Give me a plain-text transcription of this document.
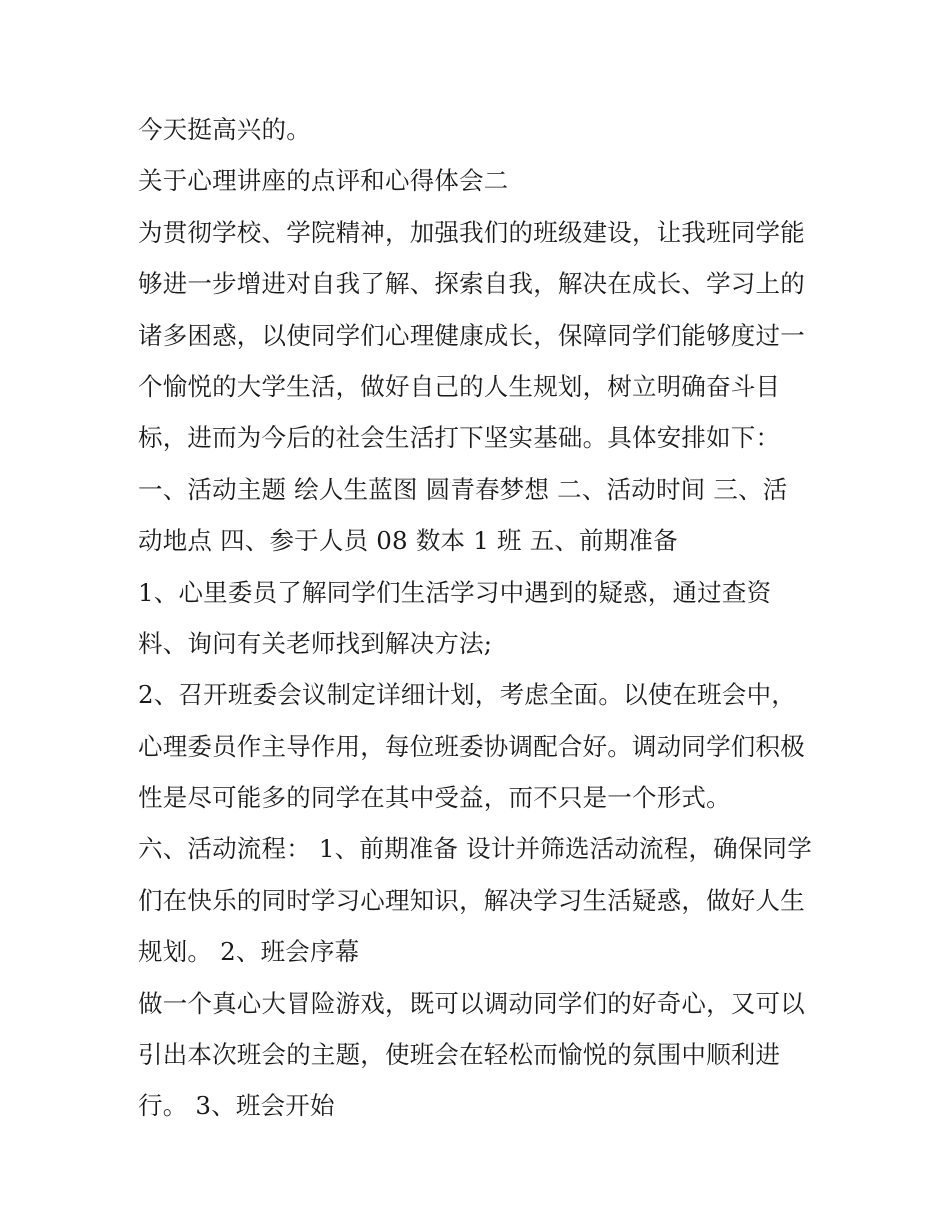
今天挺高兴的。
关于心理讲座的点评和心得体会二
为贯彻学校、学院精神，加强我们的班级建设，让我班同学能
够进一步增进对自我了解、探索自我，解决在成长、学习上的
诸多困惑，以使同学们心理健康成长，保障同学们能够度过一
个愉悦的大学生活，做好自己的人生规划，树立明确奋斗目
标，进而为今后的社会生活打下坚实基础。具体安排如下：
一、活动主题 绘人生蓝图 圆青春梦想 二、活动时间 三、活
动地点 四、参于人员 08 数本 1 班 五、前期准备
1、心里委员了解同学们生活学习中遇到的疑惑，通过查资
料、询问有关老师找到解决方法;
2、召开班委会议制定详细计划，考虑全面。以使在班会中，
心理委员作主导作用，每位班委协调配合好。调动同学们积极
性是尽可能多的同学在其中受益，而不只是一个形式。
六、活动流程： 1、前期准备 设计并筛选活动流程，确保同学
们在快乐的同时学习心理知识，解决学习生活疑惑，做好人生
规划。 2、班会序幕
做一个真心大冒险游戏，既可以调动同学们的好奇心，又可以
引出本次班会的主题，使班会在轻松而愉悦的氛围中顺利进
行。 3、班会开始
